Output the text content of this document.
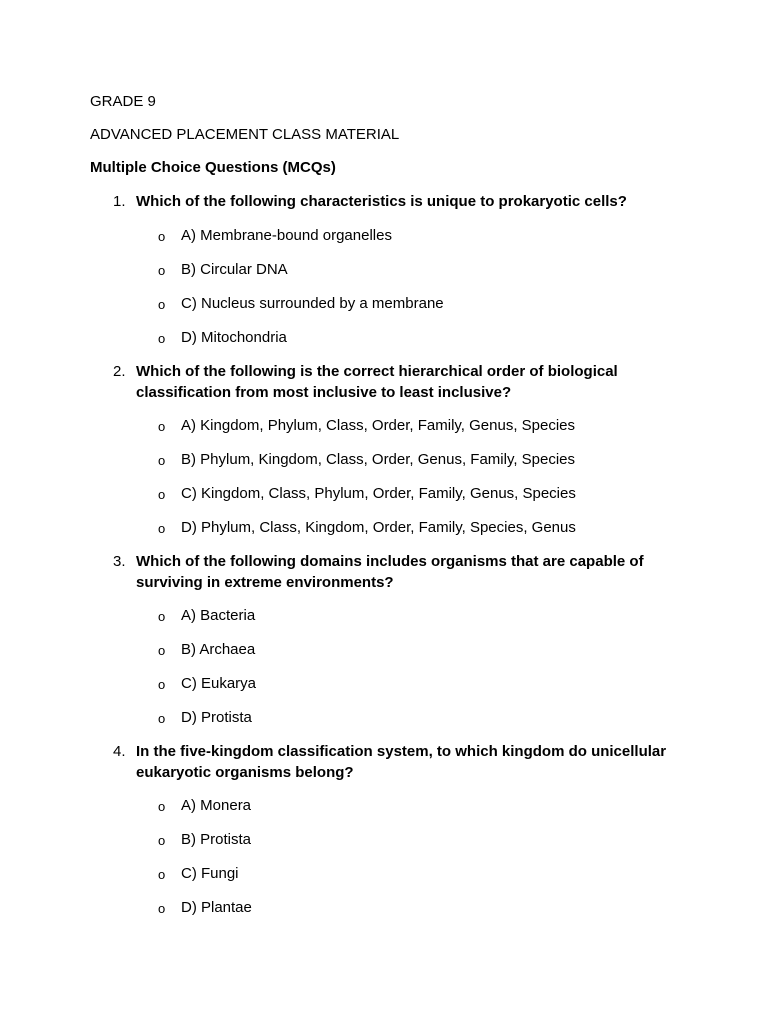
GRADE 9
ADVANCED PLACEMENT CLASS MATERIAL
Multiple Choice Questions (MCQs)
1. Which of the following characteristics is unique to prokaryotic cells?
o A) Membrane-bound organelles
o B) Circular DNA
o C) Nucleus surrounded by a membrane
o D) Mitochondria
2. Which of the following is the correct hierarchical order of biological classification from most inclusive to least inclusive?
o A) Kingdom, Phylum, Class, Order, Family, Genus, Species
o B) Phylum, Kingdom, Class, Order, Genus, Family, Species
o C) Kingdom, Class, Phylum, Order, Family, Genus, Species
o D) Phylum, Class, Kingdom, Order, Family, Species, Genus
3. Which of the following domains includes organisms that are capable of surviving in extreme environments?
o A) Bacteria
o B) Archaea
o C) Eukarya
o D) Protista
4. In the five-kingdom classification system, to which kingdom do unicellular eukaryotic organisms belong?
o A) Monera
o B) Protista
o C) Fungi
o D) Plantae
